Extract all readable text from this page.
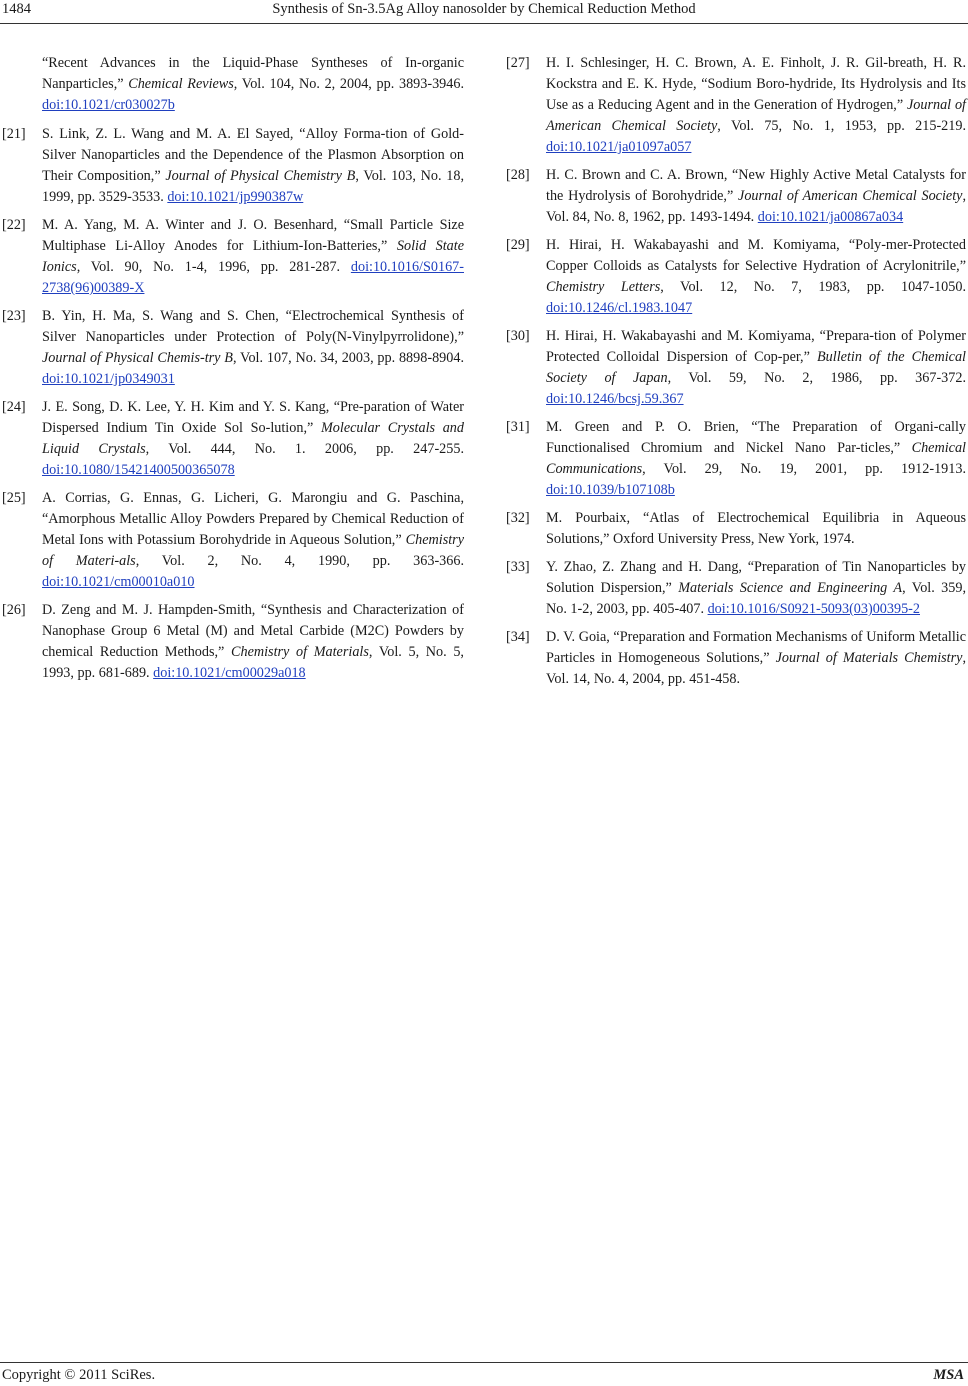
1484	Synthesis of Sn-3.5Ag Alloy nanosolder by Chemical Reduction Method
“Recent Advances in the Liquid-Phase Syntheses of In-organic Nanparticles,” Chemical Reviews, Vol. 104, No. 2, 2004, pp. 3893-3946. doi:10.1021/cr030027b
[21] S. Link, Z. L. Wang and M. A. El Sayed, “Alloy Forma-tion of Gold-Silver Nanoparticles and the Dependence of the Plasmon Absorption on Their Composition,” Journal of Physical Chemistry B, Vol. 103, No. 18, 1999, pp. 3529-3533. doi:10.1021/jp990387w
[22] M. A. Yang, M. A. Winter and J. O. Besenhard, “Small Particle Size Multiphase Li-Alloy Anodes for Lithium-Ion-Batteries,” Solid State Ionics, Vol. 90, No. 1-4, 1996, pp. 281-287. doi:10.1016/S0167-2738(96)00389-X
[23] B. Yin, H. Ma, S. Wang and S. Chen, “Electrochemical Synthesis of Silver Nanoparticles under Protection of Poly(N-Vinylpyrrolidone),” Journal of Physical Chemis-try B, Vol. 107, No. 34, 2003, pp. 8898-8904. doi:10.1021/jp0349031
[24] J. E. Song, D. K. Lee, Y. H. Kim and Y. S. Kang, “Pre-paration of Water Dispersed Indium Tin Oxide Sol So-lution,” Molecular Crystals and Liquid Crystals, Vol. 444, No. 1. 2006, pp. 247-255. doi:10.1080/15421400500365078
[25] A. Corrias, G. Ennas, G. Licheri, G. Marongiu and G. Paschina, “Amorphous Metallic Alloy Powders Prepared by Chemical Reduction of Metal Ions with Potassium Borohydride in Aqueous Solution,” Chemistry of Materi-als, Vol. 2, No. 4, 1990, pp. 363-366. doi:10.1021/cm00010a010
[26] D. Zeng and M. J. Hampden-Smith, “Synthesis and Characterization of Nanophase Group 6 Metal (M) and Metal Carbide (M2C) Powders by chemical Reduction Methods,” Chemistry of Materials, Vol. 5, No. 5, 1993, pp. 681-689. doi:10.1021/cm00029a018
[27] H. I. Schlesinger, H. C. Brown, A. E. Finholt, J. R. Gil-breath, H. R. Kockstra and E. K. Hyde, “Sodium Boro-hydride, Its Hydrolysis and Its Use as a Reducing Agent and in the Generation of Hydrogen,” Journal of American Chemical Society, Vol. 75, No. 1, 1953, pp. 215-219. doi:10.1021/ja01097a057
[28] H. C. Brown and C. A. Brown, “New Highly Active Metal Catalysts for the Hydrolysis of Borohydride,” Journal of American Chemical Society, Vol. 84, No. 8, 1962, pp. 1493-1494. doi:10.1021/ja00867a034
[29] H. Hirai, H. Wakabayashi and M. Komiyama, “Poly-mer-Protected Copper Colloids as Catalysts for Selective Hydration of Acrylonitrile,” Chemistry Letters, Vol. 12, No. 7, 1983, pp. 1047-1050. doi:10.1246/cl.1983.1047
[30] H. Hirai, H. Wakabayashi and M. Komiyama, “Prepara-tion of Polymer Protected Colloidal Dispersion of Cop-per,” Bulletin of the Chemical Society of Japan, Vol. 59, No. 2, 1986, pp. 367-372. doi:10.1246/bcsj.59.367
[31] M. Green and P. O. Brien, “The Preparation of Organi-cally Functionalised Chromium and Nickel Nano Par-ticles,” Chemical Communications, Vol. 29, No. 19, 2001, pp. 1912-1913. doi:10.1039/b107108b
[32] M. Pourbaix, “Atlas of Electrochemical Equilibria in Aqueous Solutions,” Oxford University Press, New York, 1974.
[33] Y. Zhao, Z. Zhang and H. Dang, “Preparation of Tin Nanoparticles by Solution Dispersion,” Materials Science and Engineering A, Vol. 359, No. 1-2, 2003, pp. 405-407. doi:10.1016/S0921-5093(03)00395-2
[34] D. V. Goia, “Preparation and Formation Mechanisms of Uniform Metallic Particles in Homogeneous Solutions,” Journal of Materials Chemistry, Vol. 14, No. 4, 2004, pp. 451-458.
Copyright © 2011 SciRes.	MSA
